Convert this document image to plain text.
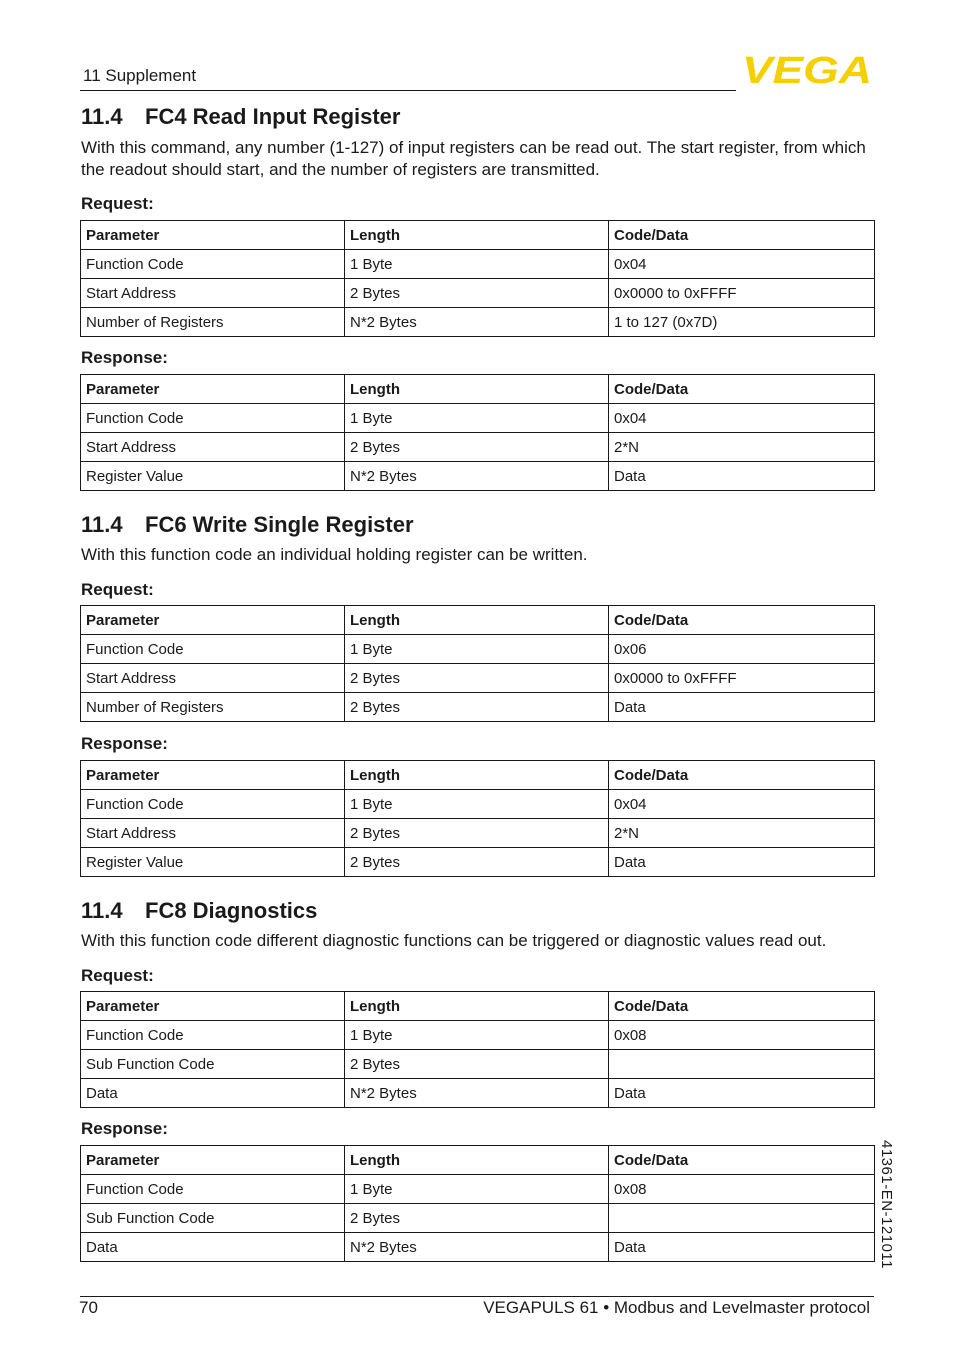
11 Supplement	VEGA
11.4 FC4 Read Input Register

With this command, any number (1-127) of input registers can be read out. The start register, from which the readout should start, and the number of registers are transmitted.

Request:

Parameter	Length	Code/Data
Function Code	1 Byte	0x04
Start Address	2 Bytes	0x0000 to 0xFFFF
Number of Registers	N*2 Bytes	1 to 127 (0x7D)

Response:

Parameter	Length	Code/Data
Function Code	1 Byte	0x04
Start Address	2 Bytes	2*N
Register Value	N*2 Bytes	Data
11.4 FC6 Write Single Register

With this function code an individual holding register can be written.

Request:

Parameter	Length	Code/Data
Function Code	1 Byte	0x06
Start Address	2 Bytes	0x0000 to 0xFFFF
Number of Registers	2 Bytes	Data

Response:

Parameter	Length	Code/Data
Function Code	1 Byte	0x04
Start Address	2 Bytes	2*N
Register Value	2 Bytes	Data
11.4 FC8 Diagnostics

With this function code different diagnostic functions can be triggered or diagnostic values read out.

Request:

Parameter	Length	Code/Data
Function Code	1 Byte	0x08
Sub Function Code	2 Bytes	
Data	N*2 Bytes	Data

Response:

Parameter	Length	Code/Data
Function Code	1 Byte	0x08
Sub Function Code	2 Bytes	
Data	N*2 Bytes	Data	41361-EN-121011
70	VEGAPULS 61 • Modbus and Levelmaster protocol
